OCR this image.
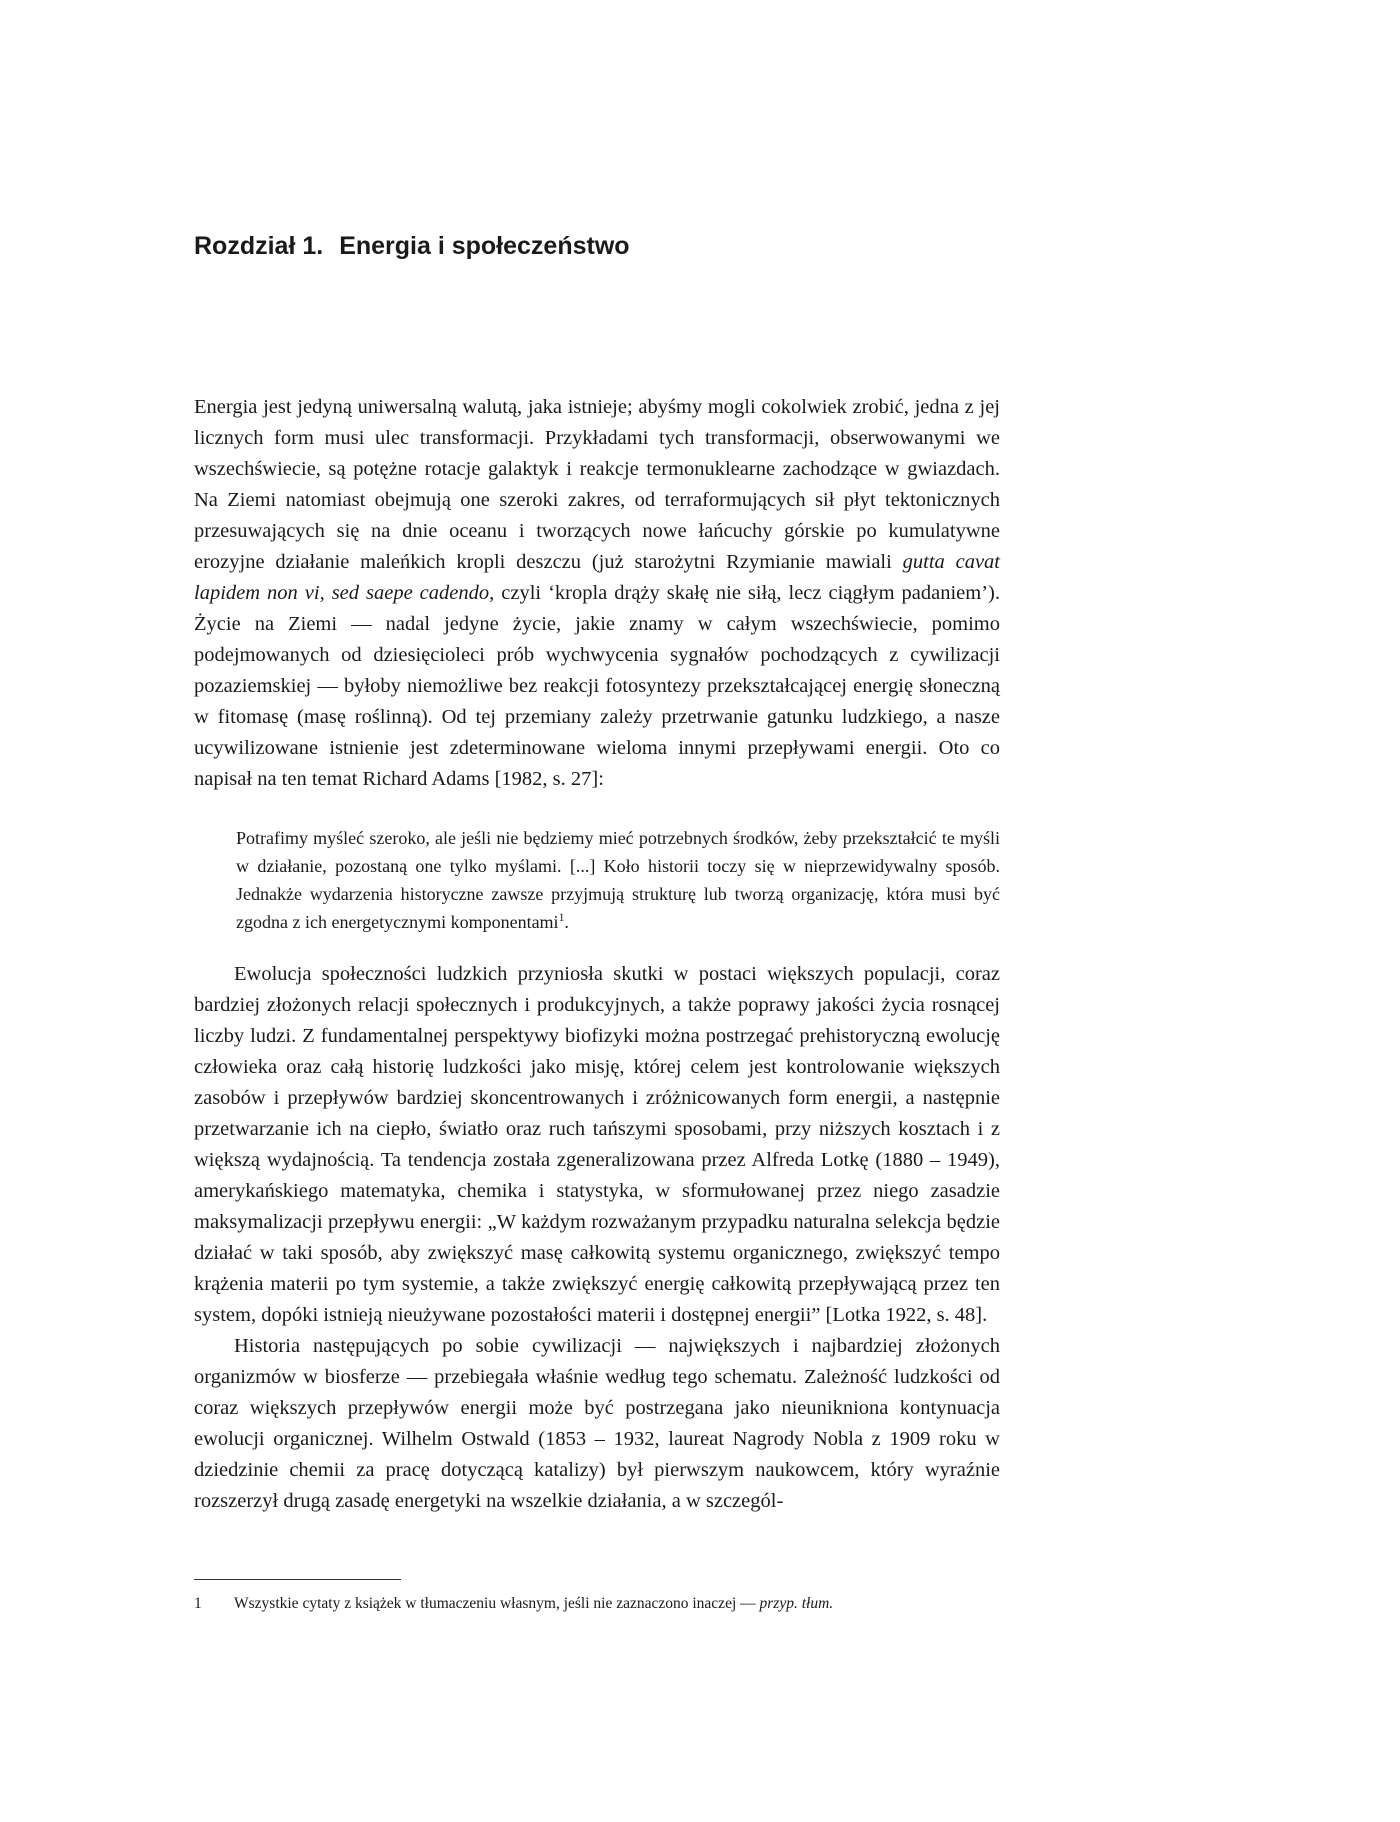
Rozdział 1. Energia i społeczeństwo

Energia jest jedyną uniwersalną walutą, jaka istnieje; abyśmy mogli cokolwiek zrobić, jedna z jej licznych form musi ulec transformacji. Przykładami tych transformacji, obserwowanymi we wszechświecie, są potężne rotacje galaktyk i reakcje termonuklearne zachodzące w gwiazdach. Na Ziemi natomiast obejmują one szeroki zakres, od terraformujących sił płyt tektonicznych przesuwających się na dnie oceanu i tworzących nowe łańcuchy górskie po kumulatywne erozyjne działanie maleńkich kropli deszczu (już starożytni Rzymianie mawiali gutta cavat lapidem non vi, sed saepe cadendo, czyli ‘kropla drąży skałę nie siłą, lecz ciągłym padaniem’). Życie na Ziemi — nadal jedyne życie, jakie znamy w całym wszechświecie, pomimo podejmowanych od dziesięcioleci prób wychwycenia sygnałów pochodzących z cywilizacji pozaziemskiej — byłoby niemożliwe bez reakcji fotosyntezy przekształcającej energię słoneczną w fitomasę (masę roślinną). Od tej przemiany zależy przetrwanie gatunku ludzkiego, a nasze ucywilizowane istnienie jest zdeterminowane wieloma innymi przepływami energii. Oto co napisał na ten temat Richard Adams [1982, s. 27]:

Potrafimy myśleć szeroko, ale jeśli nie będziemy mieć potrzebnych środków, żeby przekształcić te myśli w działanie, pozostaną one tylko myślami. [...] Koło historii toczy się w nieprzewidywalny sposób. Jednakże wydarzenia historyczne zawsze przyjmują strukturę lub tworzą organizację, która musi być zgodna z ich energetycznymi komponentami$^1$.

Ewolucja społeczności ludzkich przyniosła skutki w postaci większych populacji, coraz bardziej złożonych relacji społecznych i produkcyjnych, a także poprawy jakości życia rosnącej liczby ludzi. Z fundamentalnej perspektywy biofizyki można postrzegać prehistoryczną ewolucję człowieka oraz całą historię ludzkości jako misję, której celem jest kontrolowanie większych zasobów i przepływów bardziej skoncentrowanych i zróżnicowanych form energii, a następnie przetwarzanie ich na ciepło, światło oraz ruch tańszymi sposobami, przy niższych kosztach i z większą wydajnością. Ta tendencja została zgeneralizowana przez Alfreda Lotkę (1880 – 1949), amerykańskiego matematyka, chemika i statystyka, w sformułowanej przez niego zasadzie maksymalizacji przepływu energii: „W każdym rozważanym przypadku naturalna selekcja będzie działać w taki sposób, aby zwiększyć masę całkowitą systemu organicznego, zwiększyć tempo krążenia materii po tym systemie, a także zwiększyć energię całkowitą przepływającą przez ten system, dopóki istnieją nieużywane pozostałości materii i dostępnej energii” [Lotka 1922, s. 48].

Historia następujących po sobie cywilizacji — największych i najbardziej złożonych organizmów w biosferze — przebiegała właśnie według tego schematu. Zależność ludzkości od coraz większych przepływów energii może być postrzegana jako nieunikniona kontynuacja ewolucji organicznej. Wilhelm Ostwald (1853 – 1932, laureat Nagrody Nobla z 1909 roku w dziedzinie chemii za pracę dotyczącą katalizy) był pierwszym naukowcem, który wyraźnie rozszerzył drugą zasadę energetyki na wszelkie działania, a w szczegól-

1 Wszystkie cytaty z książek w tłumaczeniu własnym, jeśli nie zaznaczono inaczej — przyp. tłum.
